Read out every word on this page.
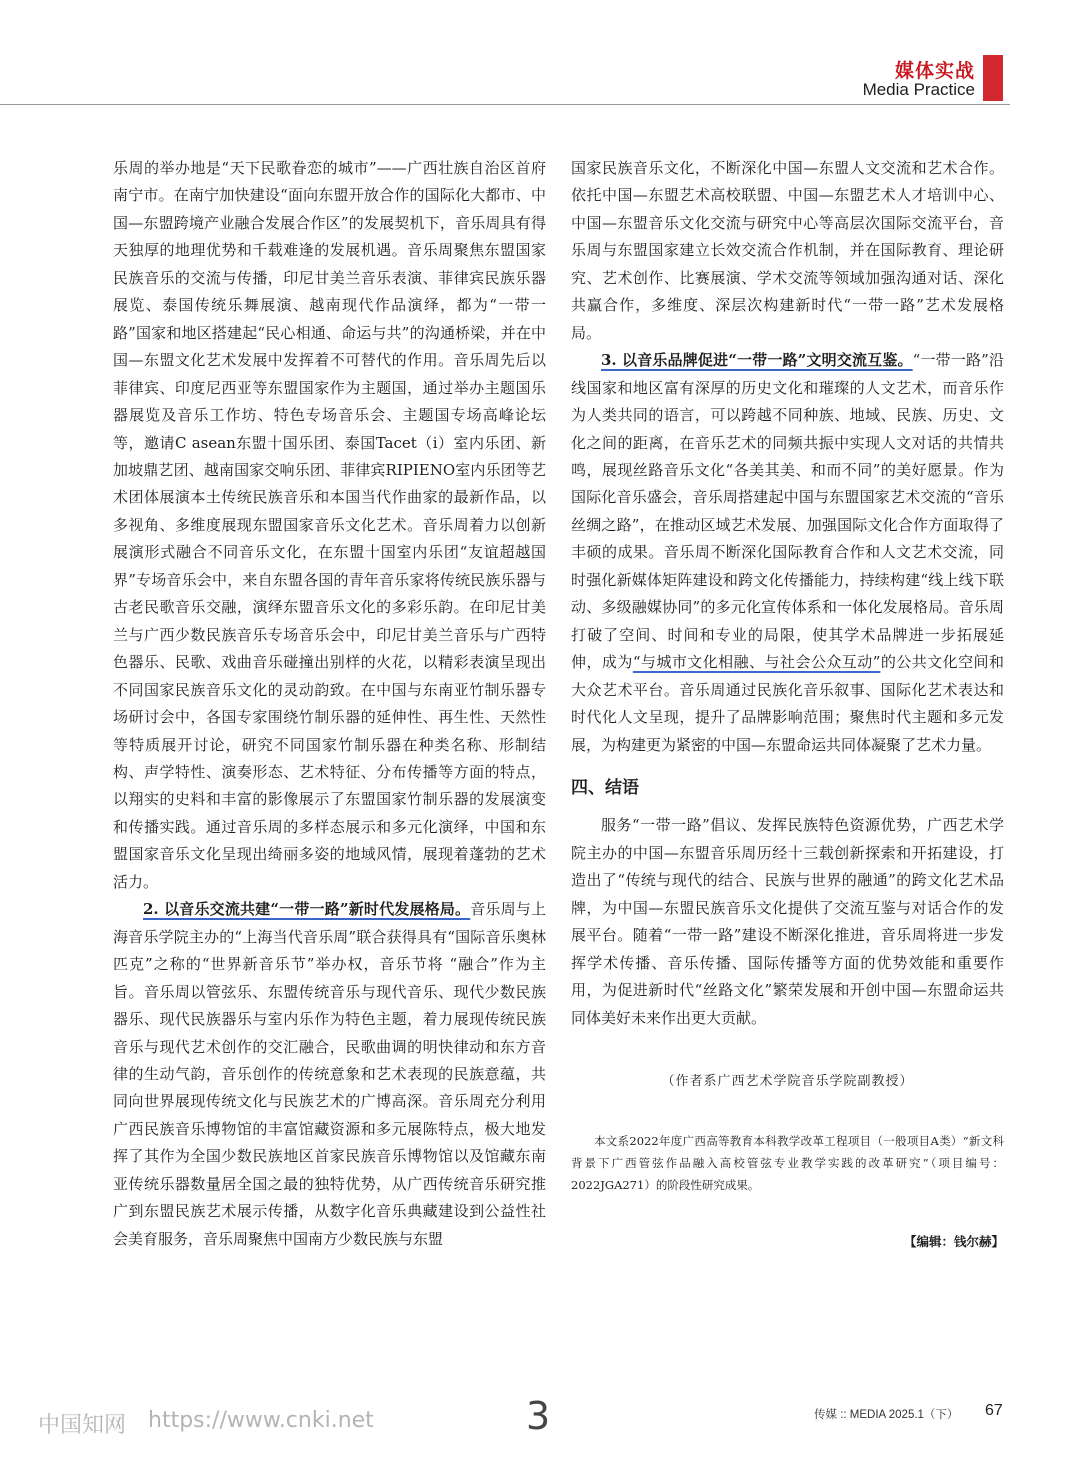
媒体实战
Media Practice

乐周的举办地是“天下民歌眷恋的城市”——广西壮族自治区首府南宁市。在南宁加快建设“面向东盟开放合作的国际化大都市、中国—东盟跨境产业融合发展合作区”的发展契机下，音乐周具有得天独厚的地理优势和千载难逢的发展机遇。音乐周聚焦东盟国家民族音乐的交流与传播，印尼甘美兰音乐表演、菲律宾民族乐器展览、泰国传统乐舞展演、越南现代作品演绎，都为“一带一路”国家和地区搭建起“民心相通、命运与共”的沟通桥梁，并在中国—东盟文化艺术发展中发挥着不可替代的作用。音乐周先后以菲律宾、印度尼西亚等东盟国家作为主题国，通过举办主题国乐器展览及音乐工作坊、特色专场音乐会、主题国专场高峰论坛等，邀请C asean东盟十国乐团、泰国Tacet（i）室内乐团、新加坡鼎艺团、越南国家交响乐团、菲律宾RIPIENO室内乐团等艺术团体展演本土传统民族音乐和本国当代作曲家的最新作品，以多视角、多维度展现东盟国家音乐文化艺术。音乐周着力以创新展演形式融合不同音乐文化，在东盟十国室内乐团“友谊超越国界”专场音乐会中，来自东盟各国的青年音乐家将传统民族乐器与古老民歌音乐交融，演绎东盟音乐文化的多彩乐韵。在印尼甘美兰与广西少数民族音乐专场音乐会中，印尼甘美兰音乐与广西特色器乐、民歌、戏曲音乐碰撞出别样的火花，以精彩表演呈现出不同国家民族音乐文化的灵动韵致。在中国与东南亚竹制乐器专场研讨会中，各国专家围绕竹制乐器的延伸性、再生性、天然性等特质展开讨论，研究不同国家竹制乐器在种类名称、形制结构、声学特性、演奏形态、艺术特征、分布传播等方面的特点，以翔实的史料和丰富的影像展示了东盟国家竹制乐器的发展演变和传播实践。通过音乐周的多样态展示和多元化演绎，中国和东盟国家音乐文化呈现出绮丽多姿的地域风情，展现着蓬勃的艺术活力。

2. 以音乐交流共建“一带一路”新时代发展格局。音乐周与上海音乐学院主办的“上海当代音乐周”联合获得具有“国际音乐奥林匹克”之称的“世界新音乐节”举办权，音乐节将 “融合”作为主旨。音乐周以管弦乐、东盟传统音乐与现代音乐、现代少数民族器乐、现代民族器乐与室内乐作为特色主题，着力展现传统民族音乐与现代艺术创作的交汇融合，民歌曲调的明快律动和东方音律的生动气韵，音乐创作的传统意象和艺术表现的民族意蕴，共同向世界展现传统文化与民族艺术的广博高深。音乐周充分利用广西民族音乐博物馆的丰富馆藏资源和多元展陈特点，极大地发挥了其作为全国少数民族地区首家民族音乐博物馆以及馆藏东南亚传统乐器数量居全国之最的独特优势，从广西传统音乐研究推广到东盟民族艺术展示传播，从数字化音乐典藏建设到公益性社会美育服务，音乐周聚焦中国南方少数民族与东盟

国家民族音乐文化，不断深化中国—东盟人文交流和艺术合作。依托中国—东盟艺术高校联盟、中国—东盟艺术人才培训中心、中国—东盟音乐文化交流与研究中心等高层次国际交流平台，音乐周与东盟国家建立长效交流合作机制，并在国际教育、理论研究、艺术创作、比赛展演、学术交流等领域加强沟通对话、深化共赢合作，多维度、深层次构建新时代“一带一路”艺术发展格局。

3. 以音乐品牌促进“一带一路”文明交流互鉴。“一带一路”沿线国家和地区富有深厚的历史文化和璀璨的人文艺术，而音乐作为人类共同的语言，可以跨越不同种族、地域、民族、历史、文化之间的距离，在音乐艺术的同频共振中实现人文对话的共情共鸣，展现丝路音乐文化“各美其美、和而不同”的美好愿景。作为国际化音乐盛会，音乐周搭建起中国与东盟国家艺术交流的“音乐丝绸之路”，在推动区域艺术发展、加强国际文化合作方面取得了丰硕的成果。音乐周不断深化国际教育合作和人文艺术交流，同时强化新媒体矩阵建设和跨文化传播能力，持续构建“线上线下联动、多级融媒协同”的多元化宣传体系和一体化发展格局。音乐周打破了空间、时间和专业的局限，使其学术品牌进一步拓展延伸，成为“与城市文化相融、与社会公众互动”的公共文化空间和大众艺术平台。音乐周通过民族化音乐叙事、国际化艺术表达和时代化人文呈现，提升了品牌影响范围；聚焦时代主题和多元发展，为构建更为紧密的中国—东盟命运共同体凝聚了艺术力量。

四、结语

服务“一带一路”倡议、发挥民族特色资源优势，广西艺术学院主办的中国—东盟音乐周历经十三载创新探索和开拓建设，打造出了“传统与现代的结合、民族与世界的融通”的跨文化艺术品牌，为中国—东盟民族音乐文化提供了交流互鉴与对话合作的发展平台。随着“一带一路”建设不断深化推进，音乐周将进一步发挥学术传播、音乐传播、国际传播等方面的优势效能和重要作用，为促进新时代“丝路文化”繁荣发展和开创中国—东盟命运共同体美好未来作出更大贡献。

（作者系广西艺术学院音乐学院副教授）

本文系2022年度广西高等教育本科教学改革工程项目（一般项目A类）“新文科背景下广西管弦作品融入高校管弦专业教学实践的改革研究”（项目编号：2022JGA271）的阶段性研究成果。

【编辑：钱尔赫】

中国知网 https://www.cnki.net	3	传媒 :: MEDIA 2025.1（下） 67
